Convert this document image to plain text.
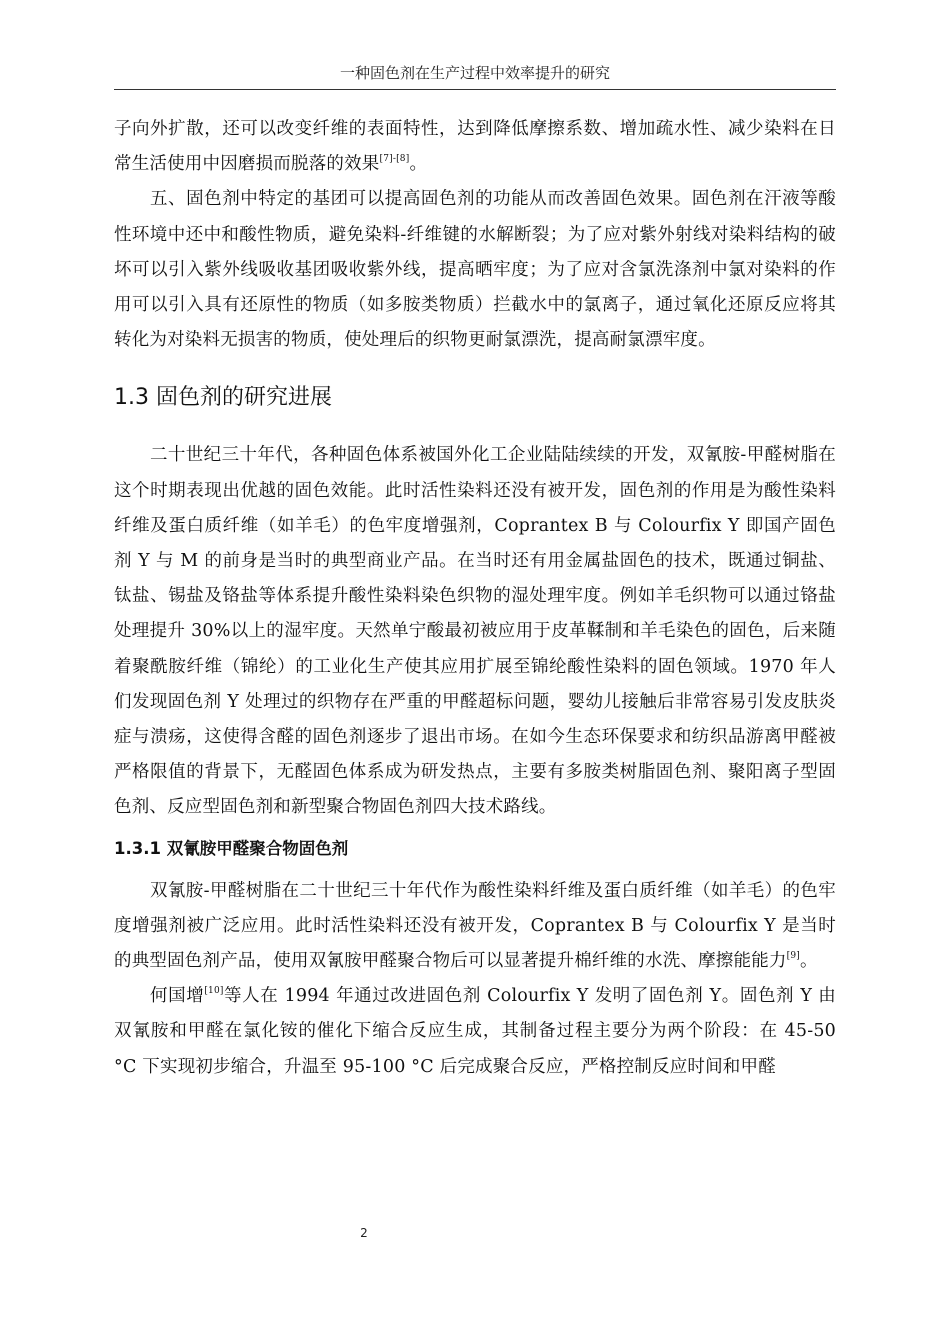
一种固色剂在生产过程中效率提升的研究

子向外扩散，还可以改变纤维的表面特性，达到降低摩擦系数、增加疏水性、减少染料在日常生活使用中因磨损而脱落的效果[7]-[8]。

五、固色剂中特定的基团可以提高固色剂的功能从而改善固色效果。固色剂在汗液等酸性环境中还中和酸性物质，避免染料-纤维键的水解断裂；为了应对紫外射线对染料结构的破坏可以引入紫外线吸收基团吸收紫外线，提高晒牢度；为了应对含氯洗涤剂中氯对染料的作用可以引入具有还原性的物质（如多胺类物质）拦截水中的氯离子，通过氧化还原反应将其转化为对染料无损害的物质，使处理后的织物更耐氯漂洗，提高耐氯漂牢度。

1.3 固色剂的研究进展

二十世纪三十年代，各种固色体系被国外化工企业陆陆续续的开发，双氰胺-甲醛树脂在这个时期表现出优越的固色效能。此时活性染料还没有被开发，固色剂的作用是为酸性染料纤维及蛋白质纤维（如羊毛）的色牢度增强剂，Coprantex B 与 Colourfix Y 即国产固色剂 Y 与 M 的前身是当时的典型商业产品。在当时还有用金属盐固色的技术，既通过铜盐、钛盐、锡盐及铬盐等体系提升酸性染料染色织物的湿处理牢度。例如羊毛织物可以通过铬盐处理提升 30%以上的湿牢度。天然单宁酸最初被应用于皮革鞣制和羊毛染色的固色，后来随着聚酰胺纤维（锦纶）的工业化生产使其应用扩展至锦纶酸性染料的固色领域。1970 年人们发现固色剂 Y 处理过的织物存在严重的甲醛超标问题，婴幼儿接触后非常容易引发皮肤炎症与溃疡，这使得含醛的固色剂逐步了退出市场。在如今生态环保要求和纺织品游离甲醛被严格限值的背景下，无醛固色体系成为研发热点，主要有多胺类树脂固色剂、聚阳离子型固色剂、反应型固色剂和新型聚合物固色剂四大技术路线。

1.3.1 双氰胺甲醛聚合物固色剂

双氰胺-甲醛树脂在二十世纪三十年代作为酸性染料纤维及蛋白质纤维（如羊毛）的色牢度增强剂被广泛应用。此时活性染料还没有被开发，Coprantex B 与 Colourfix Y 是当时的典型固色剂产品，使用双氰胺甲醛聚合物后可以显著提升棉纤维的水洗、摩擦能能力[9]。

何国增[10]等人在 1994 年通过改进固色剂 Colourfix Y 发明了固色剂 Y。固色剂 Y 由双氰胺和甲醛在氯化铵的催化下缩合反应生成，其制备过程主要分为两个阶段：在 45-50 °C 下实现初步缩合，升温至 95-100 °C 后完成聚合反应，严格控制反应时间和甲醛

2
